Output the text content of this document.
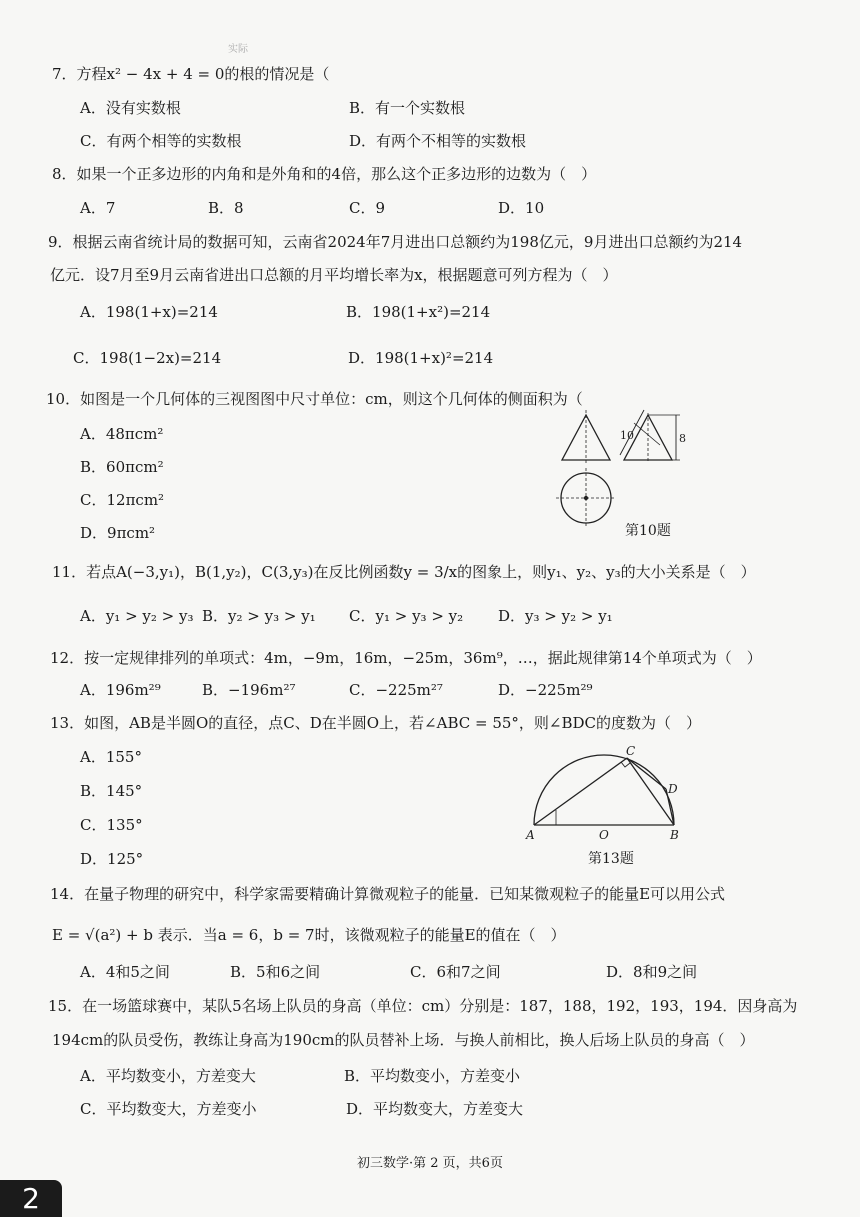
实际
7．方程x² − 4x + 4 = 0的根的情况是（
A．没有实数根	B．有一个实数根
C．有两个相等的实数根	D．有两个不相等的实数根
8．如果一个正多边形的内角和是外角和的4倍，那么这个正多边形的边数为（　）
A．7	B．8	C．9	D．10
9．根据云南省统计局的数据可知，云南省2024年7月进出口总额约为198亿元，9月进出口总额约为214
亿元．设7月至9月云南省进出口总额的月平均增长率为x，根据题意可列方程为（　）
A．198(1+x)=214	B．198(1+x²)=214
C．198(1−2x)=214	D．198(1+x)²=214
10．如图是一个几何体的三视图图中尺寸单位：cm，则这个几何体的侧面积为（
A．48πcm²
B．60πcm²
C．12πcm²
D．9πcm²
10	8
第10题
11．若点A(−3,y₁)，B(1,y₂)，C(3,y₃)在反比例函数y = 3/x的图象上，则y₁、y₂、y₃的大小关系是（　）
A．y₁ > y₂ > y₃ B．y₂ > y₃ > y₁ C．y₁ > y₃ > y₂ D．y₃ > y₂ > y₁
12．按一定规律排列的单项式：4m，−9m，16m，−25m，36m⁹，…，据此规律第14个单项式为（　）
A．196m²⁹	B．−196m²⁷	C．−225m²⁷	D．−225m²⁹
13．如图，AB是半圆O的直径，点C、D在半圆O上，若∠ABC = 55°，则∠BDC的度数为（　）
A．155°
B．145°
C．135°
D．125°
A	O	B
C
D
第13题
14．在量子物理的研究中，科学家需要精确计算微观粒子的能量．已知某微观粒子的能量E可以用公式
E = √(a²) + b 表示．当a = 6，b = 7时，该微观粒子的能量E的值在（　）
A．4和5之间	B．5和6之间	C．6和7之间	D．8和9之间
15．在一场篮球赛中，某队5名场上队员的身高（单位：cm）分别是：187，188，192，193，194．因身高为
194cm的队员受伤，教练让身高为190cm的队员替补上场．与换人前相比，换人后场上队员的身高（　）
A．平均数变小，方差变大	B．平均数变小，方差变小
C．平均数变大，方差变小	D．平均数变大，方差变大
初三数学·第 2 页，共6页
2
